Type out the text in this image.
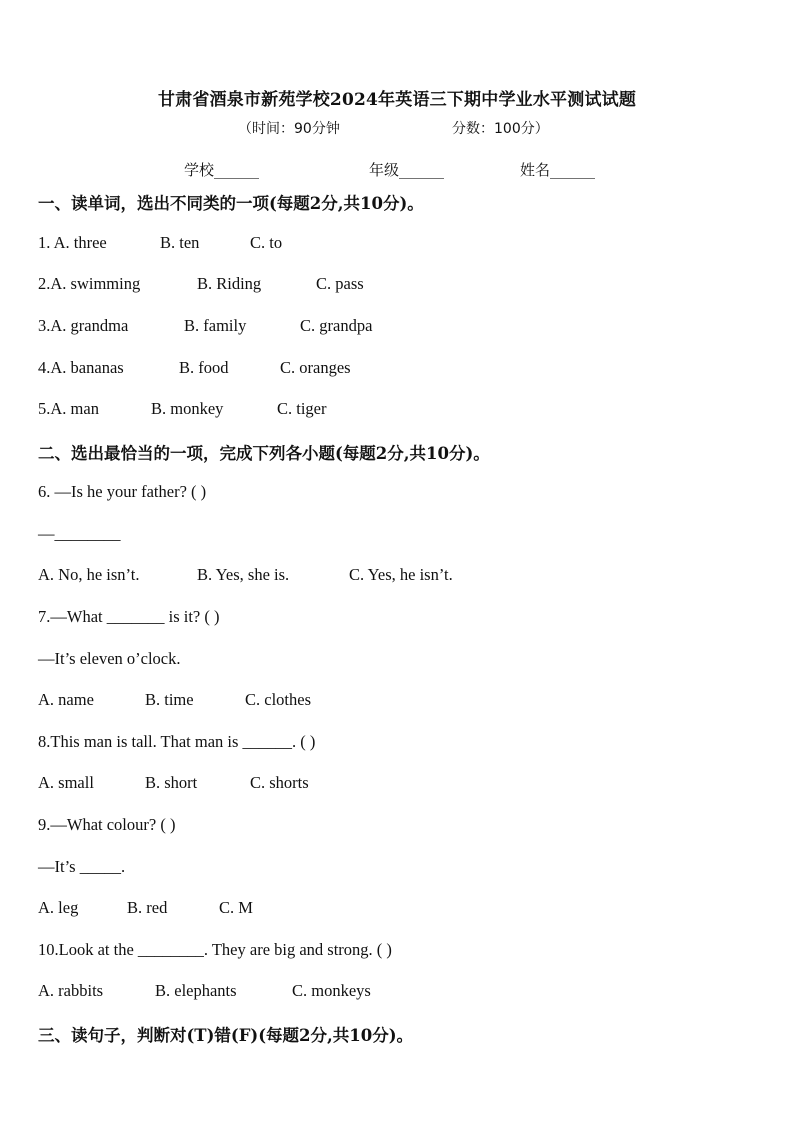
甘肃省酒泉市新苑学校2024年英语三下期中学业水平测试试题
（时间：90分钟	分数：100分）
学校______	年级______	姓名______
一、读单词，选出不同类的一项(每题2分,共10分)。
1. A. three	B. ten	C. to
2.A. swimming	B. Riding	C. pass
3.A. grandma	B. family	C. grandpa
4.A. bananas	B. food	C. oranges
5.A. man	B. monkey	C. tiger
二、选出最恰当的一项，完成下列各小题(每题2分,共10分)。
6. —Is he your father? ( )
—________
A. No, he isn’t.	B. Yes, she is.	C. Yes, he isn’t.
7.—What _______ is it? ( )
—It’s eleven o’clock.
A. name	B. time	C. clothes
8.This man is tall. That man is ______. ( )
A. small	B. short	C. shorts
9.—What colour? ( )
—It’s _____.
A. leg	B. red	C. M
10.Look at the ________. They are big and strong. ( )
A. rabbits	B. elephants	C. monkeys
三、读句子，判断对(T)错(F)(每题2分,共10分)。
